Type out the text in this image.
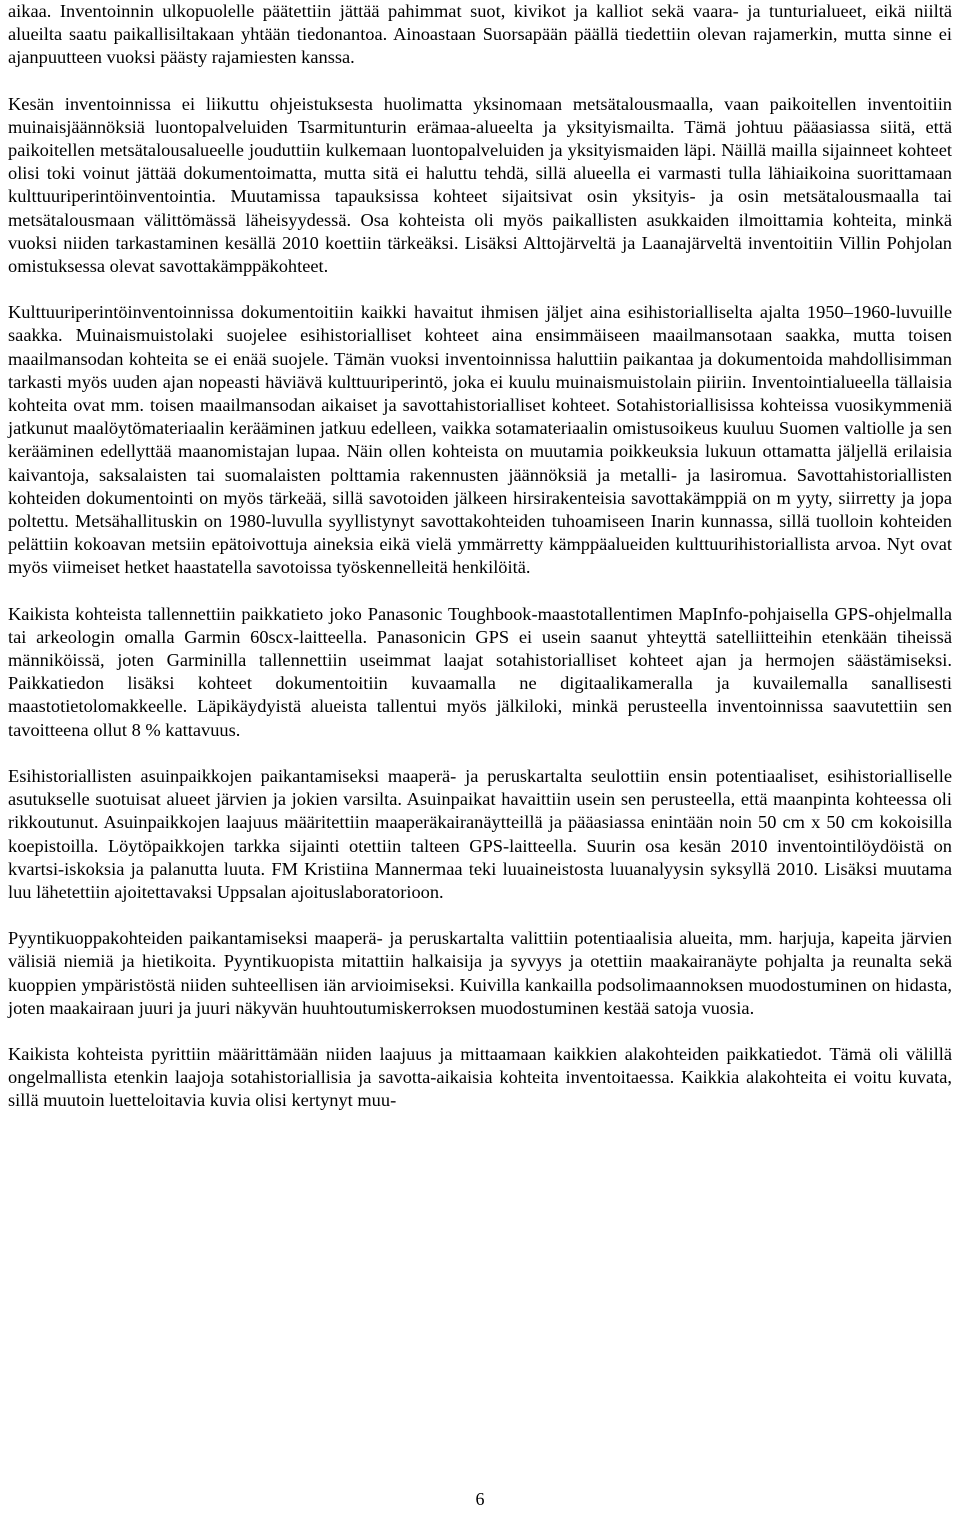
aikaa. Inventoinnin ulkopuolelle päätettiin jättää pahimmat suot, kivikot ja kalliot sekä vaara- ja tunturialueet, eikä niiltä alueilta saatu paikallisiltakaan yhtään tiedonantoa. Ainoastaan Suorsapään päällä tiedettiin olevan rajamerkin, mutta sinne ei ajanpuutteen vuoksi päästy rajamiesten kanssa.

Kesän inventoinnissa ei liikuttu ohjeistuksesta huolimatta yksinomaan metsätalousmaalla, vaan paikoitellen inventoitiin muinaisjäännöksiä luontopalveluiden Tsarmitunturin erämaa-alueelta ja yksityismailta. Tämä johtuu pääasiassa siitä, että paikoitellen metsätalousalueelle jouduttiin kulkemaan luontopalveluiden ja yksityismaiden läpi. Näillä mailla sijainneet kohteet olisi toki voinut jättää dokumentoimatta, mutta sitä ei haluttu tehdä, sillä alueella ei varmasti tulla lähiaikoina suorittamaan kulttuuriperintöinventointia. Muutamissa tapauksissa kohteet sijaitsivat osin yksityis- ja osin metsätalousmaalla tai metsätalousmaan välittömässä läheisyydessä. Osa kohteista oli myös paikallisten asukkaiden ilmoittamia kohteita, minkä vuoksi niiden tarkastaminen kesällä 2010 koettiin tärkeäksi. Lisäksi Alttojärveltä ja Laanajärveltä inventoitiin Villin Pohjolan omistuksessa olevat savottakämppäkohteet.

Kulttuuriperintöinventoinnissa dokumentoitiin kaikki havaitut ihmisen jäljet aina esihistorialliselta ajalta 1950–1960-luvuille saakka. Muinaismuistolaki suojelee esihistorialliset kohteet aina ensimmäiseen maailmansotaan saakka, mutta toisen maailmansodan kohteita se ei enää suojele. Tämän vuoksi inventoinnissa haluttiin paikantaa ja dokumentoida mahdollisimman tarkasti myös uuden ajan nopeasti häviävä kulttuuriperintö, joka ei kuulu muinaismuistolain piiriin. Inventointialueella tällaisia kohteita ovat mm. toisen maailmansodan aikaiset ja savottahistorialliset kohteet. Sotahistoriallisissa kohteissa vuosikymmeniä jatkunut maalöytömateriaalin kerääminen jatkuu edelleen, vaikka sotamateriaalin omistusoikeus kuuluu Suomen valtiolle ja sen kerääminen edellyttää maanomistajan lupaa. Näin ollen kohteista on muutamia poikkeuksia lukuun ottamatta jäljellä erilaisia kaivantoja, saksalaisten tai suomalaisten polttamia rakennusten jäännöksiä ja metalli- ja lasiromua. Savottahistoriallisten kohteiden dokumentointi on myös tärkeää, sillä savotoiden jälkeen hirsirakenteisia savottakämppiä on m yyty, siirretty ja jopa poltettu. Metsähallituskin on 1980-luvulla syyllistynyt savottakohteiden tuhoamiseen Inarin kunnassa, sillä tuolloin kohteiden pelättiin kokoavan metsiin epätoivottuja aineksia eikä vielä ymmärretty kämppäalueiden kulttuurihistoriallista arvoa. Nyt ovat myös viimeiset hetket haastatella savotoissa työskennelleitä henkilöitä.

Kaikista kohteista tallennettiin paikkatieto joko Panasonic Toughbook-maastotallentimen MapInfo-pohjaisella GPS-ohjelmalla tai arkeologin omalla Garmin 60scx-laitteella. Panasonicin GPS ei usein saanut yhteyttä satelliitteihin etenkään tiheissä männiköissä, joten Garminilla tallennettiin useimmat laajat sotahistorialliset kohteet ajan ja hermojen säästämiseksi. Paikkatiedon lisäksi kohteet dokumentoitiin kuvaamalla ne digitaalikameralla ja kuvailemalla sanallisesti maastotietolomakkeelle. Läpikäydyistä alueista tallentui myös jälkiloki, minkä perusteella inventoinnissa saavutettiin sen tavoitteena ollut 8 % kattavuus.

Esihistoriallisten asuinpaikkojen paikantamiseksi maaperä- ja peruskartalta seulottiin ensin potentiaaliset, esihistorialliselle asutukselle suotuisat alueet järvien ja jokien varsilta. Asuinpaikat havaittiin usein sen perusteella, että maanpinta kohteessa oli rikkoutunut. Asuinpaikkojen laajuus määritettiin maaperäkairanäytteillä ja pääasiassa enintään noin 50 cm x 50 cm kokoisilla koepistoilla. Löytöpaikkojen tarkka sijainti otettiin talteen GPS-laitteella. Suurin osa kesän 2010 inventointilöydöistä on kvartsi-iskoksia ja palanutta luuta. FM Kristiina Mannermaa teki luuaineistosta luuanalyysin syksyllä 2010. Lisäksi muutama luu lähetettiin ajoitettavaksi Uppsalan ajoituslaboratorioon.

Pyyntikuoppakohteiden paikantamiseksi maaperä- ja peruskartalta valittiin potentiaalisia alueita, mm. harjuja, kapeita järvien välisiä niemiä ja hietikoita. Pyyntikuopista mitattiin halkaisija ja syvyys ja otettiin maakairanäyte pohjalta ja reunalta sekä kuoppien ympäristöstä niiden suhteellisen iän arvioimiseksi. Kuivilla kankailla podsolimaannoksen muodostuminen on hidasta, joten maakairaan juuri ja juuri näkyvän huuhtoutumiskerroksen muodostuminen kestää satoja vuosia.

Kaikista kohteista pyrittiin määrittämään niiden laajuus ja mittaamaan kaikkien alakohteiden paikkatiedot. Tämä oli välillä ongelmallista etenkin laajoja sotahistoriallisia ja savotta-aikaisia kohteita inventoitaessa. Kaikkia alakohteita ei voitu kuvata, sillä muutoin luetteloitavia kuvia olisi kertynyt muu-

6
